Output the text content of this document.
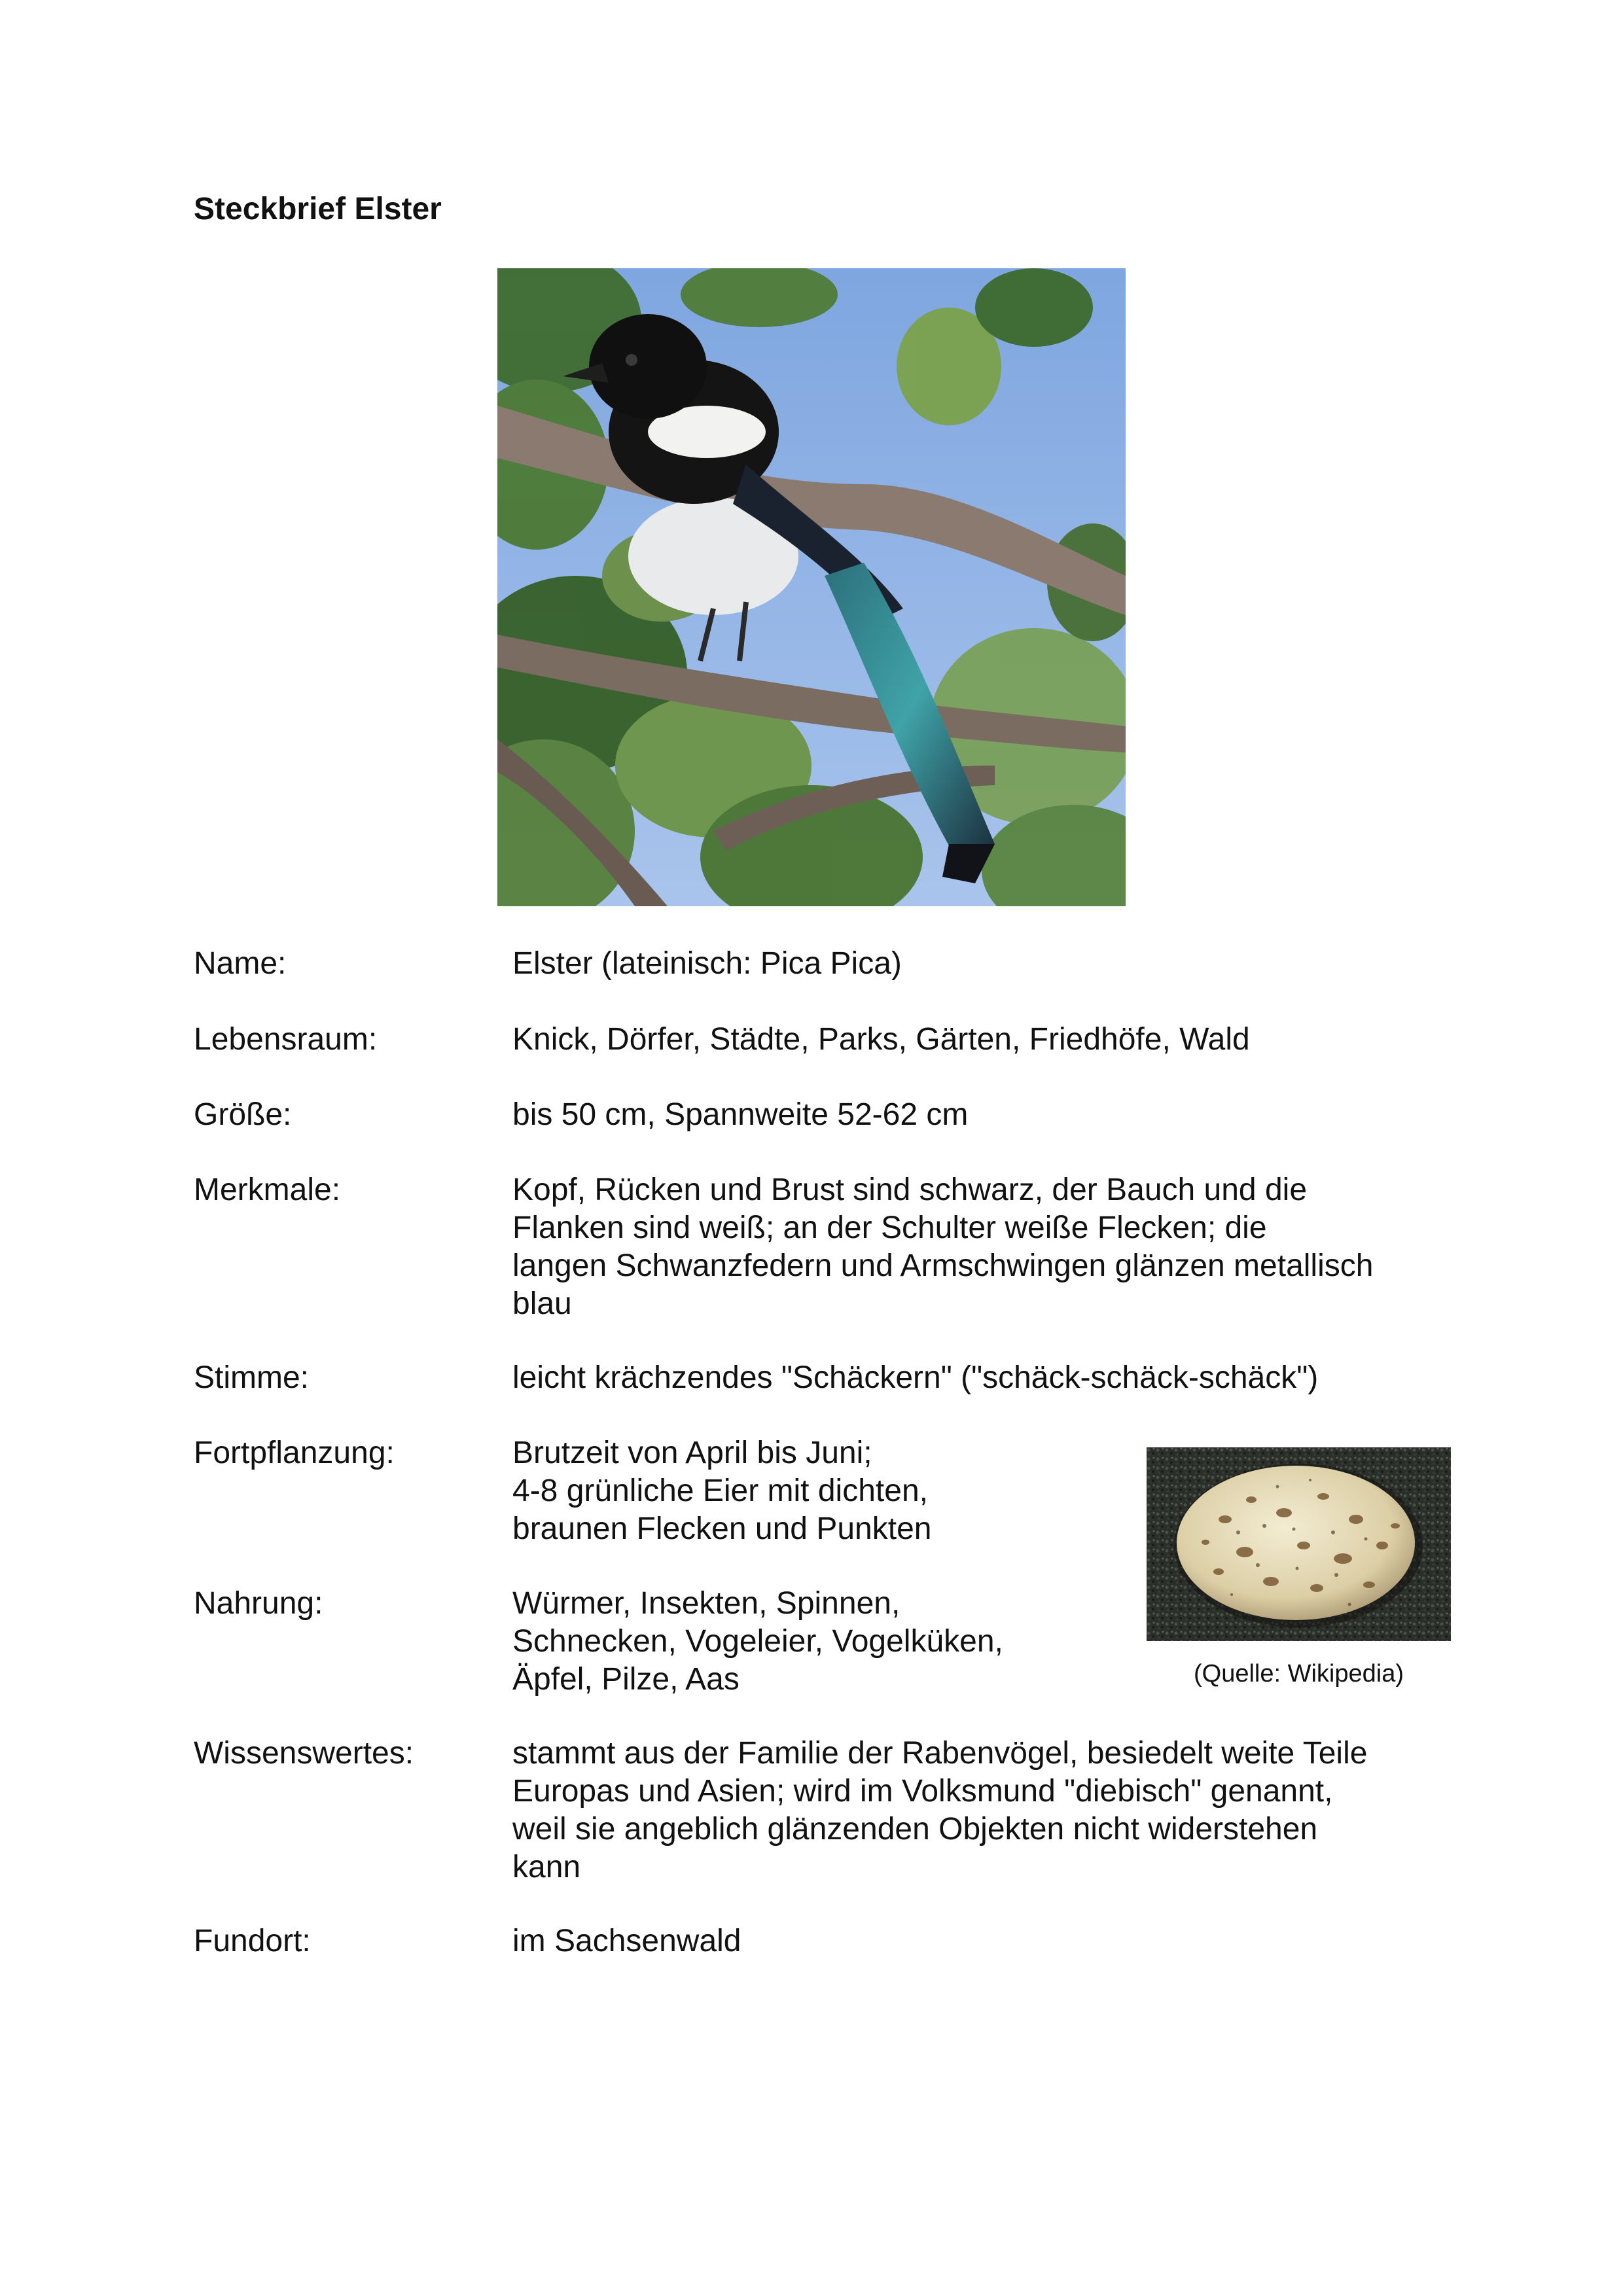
Steckbrief Elster
Name:	Elster (lateinisch: Pica Pica)
Lebensraum:	Knick, Dörfer, Städte, Parks, Gärten, Friedhöfe, Wald
Größe:	bis 50 cm, Spannweite 52-62 cm
Merkmale:	Kopf, Rücken und Brust sind schwarz, der Bauch und die
Flanken sind weiß; an der Schulter weiße Flecken; die
langen Schwanzfedern und Armschwingen glänzen metallisch
blau
Stimme:	leicht krächzendes "Schäckern" ("schäck-schäck-schäck")
Fortpflanzung:	Brutzeit von April bis Juni;
4-8 grünliche Eier mit dichten,
braunen Flecken und Punkten
Nahrung:	Würmer, Insekten, Spinnen,
Schnecken, Vogeleier, Vogelküken,
Äpfel, Pilze, Aas
Wissenswertes:	stammt aus der Familie der Rabenvögel, besiedelt weite Teile
Europas und Asien; wird im Volksmund "diebisch" genannt,
weil sie angeblich glänzenden Objekten nicht widerstehen
kann
Fundort:	im Sachsenwald
(Quelle: Wikipedia)
